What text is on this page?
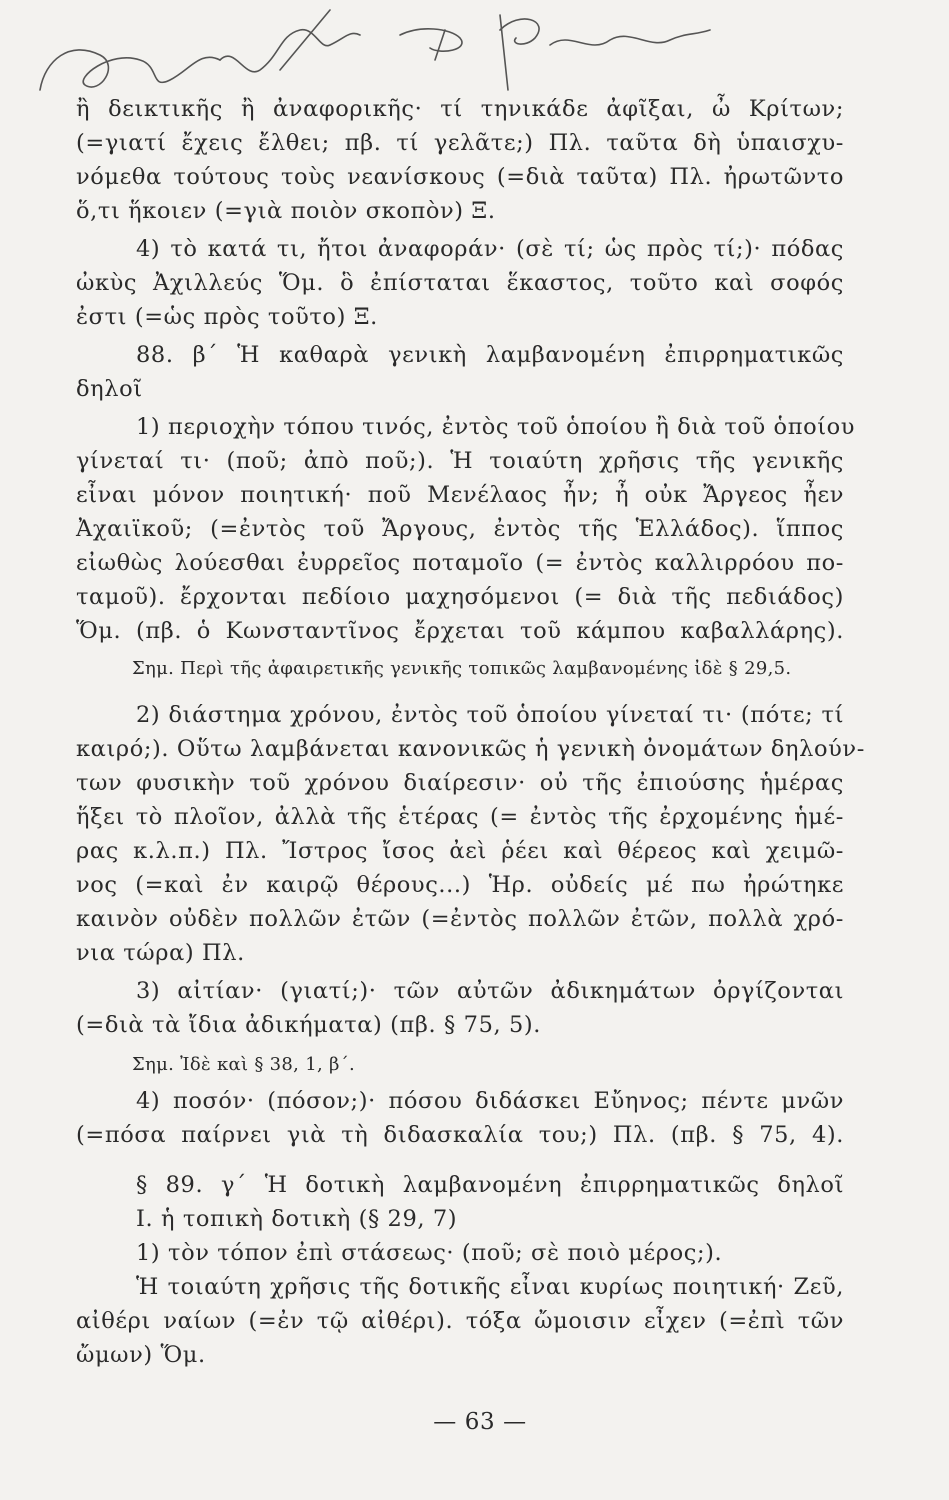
ἢ δεικτικῆς ἢ ἀναφορικῆς· τί τηνικάδε ἀφῖξαι, ὦ Κρίτων;
(=γιατί ἔχεις ἔλθει; πβ. τί γελᾶτε;) Πλ. ταῦτα δὴ ὑπαισχυ-
νόμεθα τούτους τοὺς νεανίσκους (=διὰ ταῦτα) Πλ. ἠρωτῶντο
ὅ,τι ἥκοιεν (=γιὰ ποιὸν σκοπὸν) Ξ.
4) τὸ κατά τι, ἤτοι ἀναφοράν· (σὲ τί; ὡς πρὸς τί;)· πόδας
ὠκὺς Ἀχιλλεύς Ὅμ. ὃ ἐπίσταται ἕκαστος, τοῦτο καὶ σοφός
ἐστι (=ὡς πρὸς τοῦτο) Ξ.
88. β΄ Ἡ καθαρὰ γενικὴ λαμβανομένη ἐπιρρηματικῶς
δηλοῖ
1) περιοχὴν τόπου τινός, ἐντὸς τοῦ ὁποίου ἢ διὰ τοῦ ὁποίου
γίνεταί τι· (ποῦ; ἀπὸ ποῦ;). Ἡ τοιαύτη χρῆσις τῆς γενικῆς
εἶναι μόνον ποιητική· ποῦ Μενέλαος ἦν; ἦ οὐκ Ἄργεος ἦεν
Ἀχαιϊκοῦ; (=ἐντὸς τοῦ Ἄργους, ἐντὸς τῆς Ἑλλάδος). ἵππος
εἰωθὼς λούεσθαι ἐυρρεῖος ποταμοῖο (= ἐντὸς καλλιρρόου πο-
ταμοῦ). ἔρχονται πεδίοιο μαχησόμενοι (= διὰ τῆς πεδιάδος)
Ὅμ. (πβ. ὁ Κωνσταντῖνος ἔρχεται τοῦ κάμπου καβαλλάρης).
Σημ. Περὶ τῆς ἀφαιρετικῆς γενικῆς τοπικῶς λαμβανομένης ἰδὲ § 29,5.
2) διάστημα χρόνου, ἐντὸς τοῦ ὁποίου γίνεταί τι· (πότε; τί
καιρό;). Οὕτω λαμβάνεται κανονικῶς ἡ γενικὴ ὀνομάτων δηλούν-
των φυσικὴν τοῦ χρόνου διαίρεσιν· οὐ τῆς ἐπιούσης ἡμέρας
ἥξει τὸ πλοῖον, ἀλλὰ τῆς ἑτέρας (= ἐντὸς τῆς ἐρχομένης ἡμέ-
ρας κ.λ.π.) Πλ. Ἴστρος ἴσος ἀεὶ ῥέει καὶ θέρεος καὶ χειμῶ-
νος (=καὶ ἐν καιρῷ θέρους...) Ἡρ. οὐδείς μέ πω ἠρώτηκε
καινὸν οὐδὲν πολλῶν ἐτῶν (=ἐντὸς πολλῶν ἐτῶν, πολλὰ χρό-
νια τώρα) Πλ.
3) αἰτίαν· (γιατί;)· τῶν αὐτῶν ἀδικημάτων ὀργίζονται
(=διὰ τὰ ἴδια ἀδικήματα) (πβ. § 75, 5).
Σημ. Ἰδὲ καὶ § 38, 1, β΄.
4) ποσόν· (πόσον;)· πόσου διδάσκει Εὔηνος; πέντε μνῶν
(=πόσα παίρνει γιὰ τὴ διδασκαλία του;) Πλ. (πβ. § 75, 4).
§ 89. γ΄ Ἡ δοτικὴ λαμβανομένη ἐπιρρηματικῶς δηλοῖ
Ι. ἡ τοπικὴ δοτικὴ (§ 29, 7)
1) τὸν τόπον ἐπὶ στάσεως· (ποῦ; σὲ ποιὸ μέρος;).
Ἡ τοιαύτη χρῆσις τῆς δοτικῆς εἶναι κυρίως ποιητική· Ζεῦ,
αἰθέρι ναίων (=ἐν τῷ αἰθέρι). τόξα ὤμοισιν εἶχεν (=ἐπὶ τῶν
ὤμων) Ὅμ.
— 63 —
